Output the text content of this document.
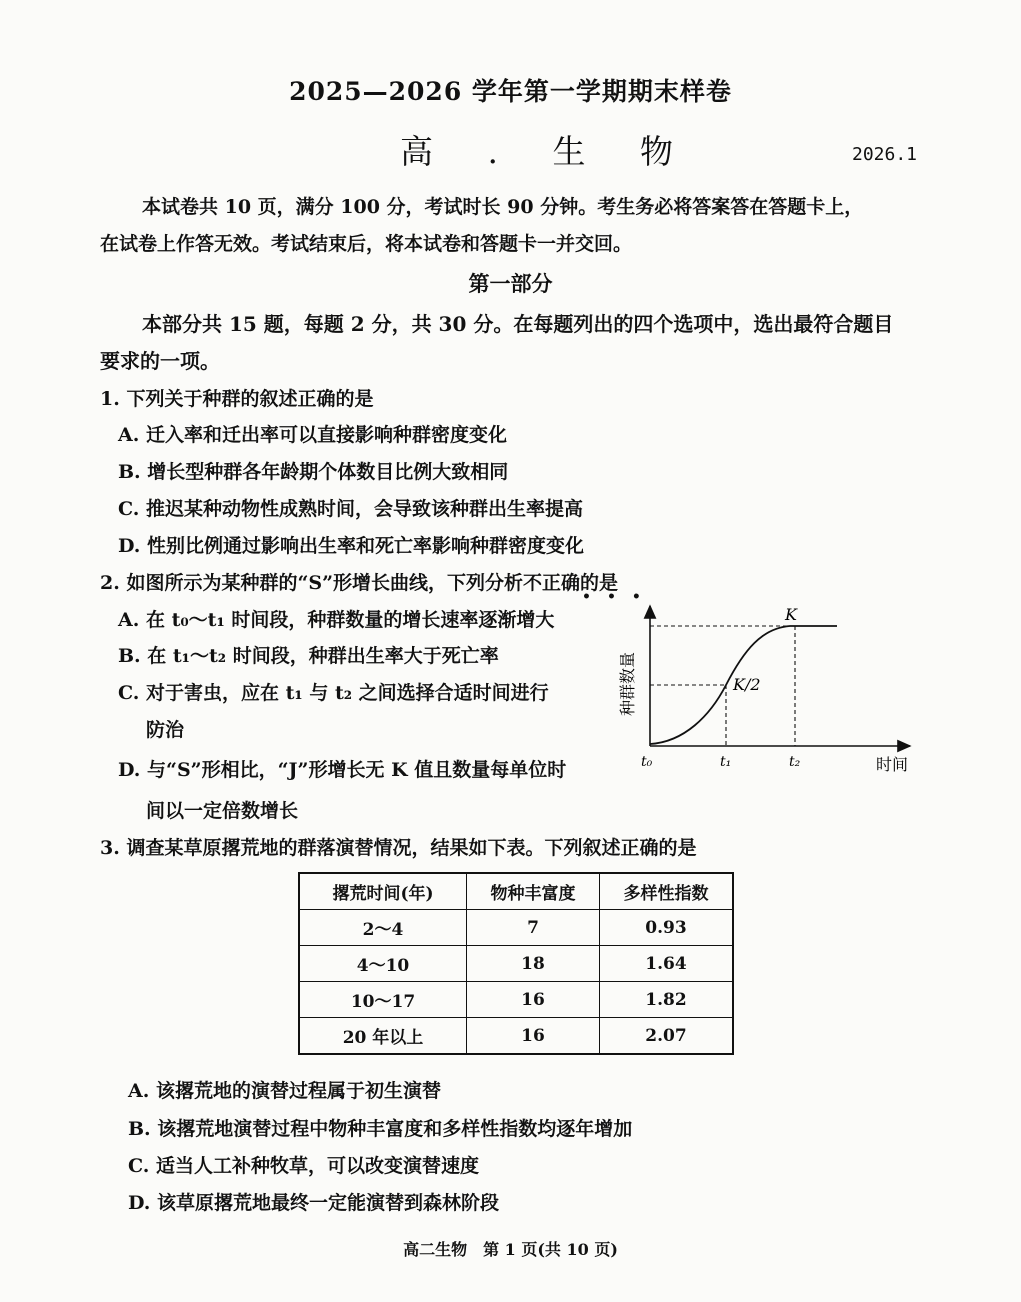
2025—2026 学年第一学期期末样卷
高 . 生 物	2026.1
本试卷共 10 页，满分 100 分，考试时长 90 分钟。考生务必将答案答在答题卡上，
在试卷上作答无效。考试结束后，将本试卷和答题卡一并交回。
第一部分
本部分共 15 题，每题 2 分，共 30 分。在每题列出的四个选项中，选出最符合题目
要求的一项。
1. 下列关于种群的叙述正确的是
A. 迁入率和迁出率可以直接影响种群密度变化
B. 增长型种群各年龄期个体数目比例大致相同
C. 推迟某种动物性成熟时间，会导致该种群出生率提高
D. 性别比例通过影响出生率和死亡率影响种群密度变化
2. 如图所示为某种群的“S”形增长曲线，下列分析不正确的是
•••
A. 在 t₀～t₁ 时间段，种群数量的增长速率逐渐增大
B. 在 t₁～t₂ 时间段，种群出生率大于死亡率
C. 对于害虫，应在 t₁ 与 t₂ 之间选择合适时间进行
防治
D. 与“S”形相比，“J”形增长无 K 值且数量每单位时
间以一定倍数增长
K
K/2
t₀	t₁	t₂	时间
种群数量
3. 调查某草原撂荒地的群落演替情况，结果如下表。下列叙述正确的是
撂荒时间(年)	物种丰富度	多样性指数
2～4	7	0.93
4～10	18	1.64
10～17	16	1.82
20 年以上	16	2.07
A. 该撂荒地的演替过程属于初生演替
B. 该撂荒地演替过程中物种丰富度和多样性指数均逐年增加
C. 适当人工补种牧草，可以改变演替速度
D. 该草原撂荒地最终一定能演替到森林阶段
高二生物　第 1 页(共 10 页)
